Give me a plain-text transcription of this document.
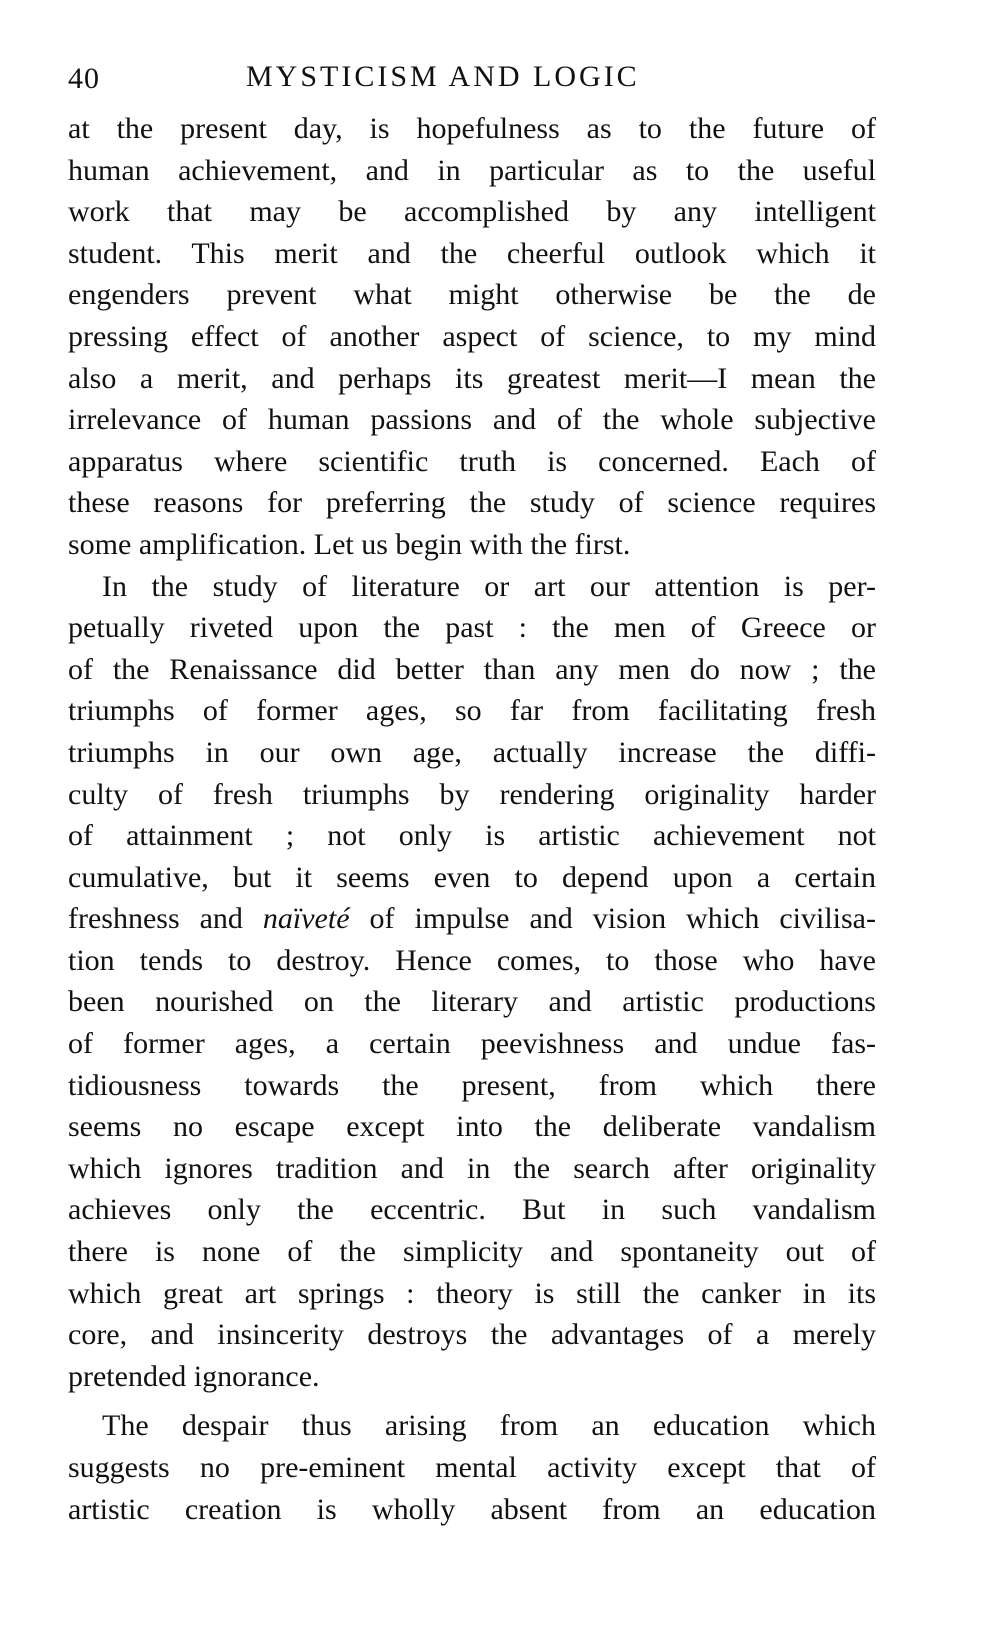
40	MYSTICISM AND LOGIC
at the present day, is hopefulness as to the future of
human achievement, and in particular as to the useful
work that may be accomplished by any intelligent
student. This merit and the cheerful outlook which it
engenders prevent what might otherwise be the de
pressing effect of another aspect of science, to my mind
also a merit, and perhaps its greatest merit—I mean the
irrelevance of human passions and of the whole subjective
apparatus where scientific truth is concerned. Each of
these reasons for preferring the study of science requires
some amplification. Let us begin with the first.
In the study of literature or art our attention is per-
petually riveted upon the past : the men of Greece or
of the Renaissance did better than any men do now ; the
triumphs of former ages, so far from facilitating fresh
triumphs in our own age, actually increase the diffi-
culty of fresh triumphs by rendering originality harder
of attainment ; not only is artistic achievement not
cumulative, but it seems even to depend upon a certain
freshness and naïveté of impulse and vision which civilisa-
tion tends to destroy. Hence comes, to those who have
been nourished on the literary and artistic productions
of former ages, a certain peevishness and undue fas-
tidiousness towards the present, from which there
seems no escape except into the deliberate vandalism
which ignores tradition and in the search after originality
achieves only the eccentric. But in such vandalism
there is none of the simplicity and spontaneity out of
which great art springs : theory is still the canker in its
core, and insincerity destroys the advantages of a merely
pretended ignorance.
The despair thus arising from an education which
suggests no pre-eminent mental activity except that of
artistic creation is wholly absent from an education
